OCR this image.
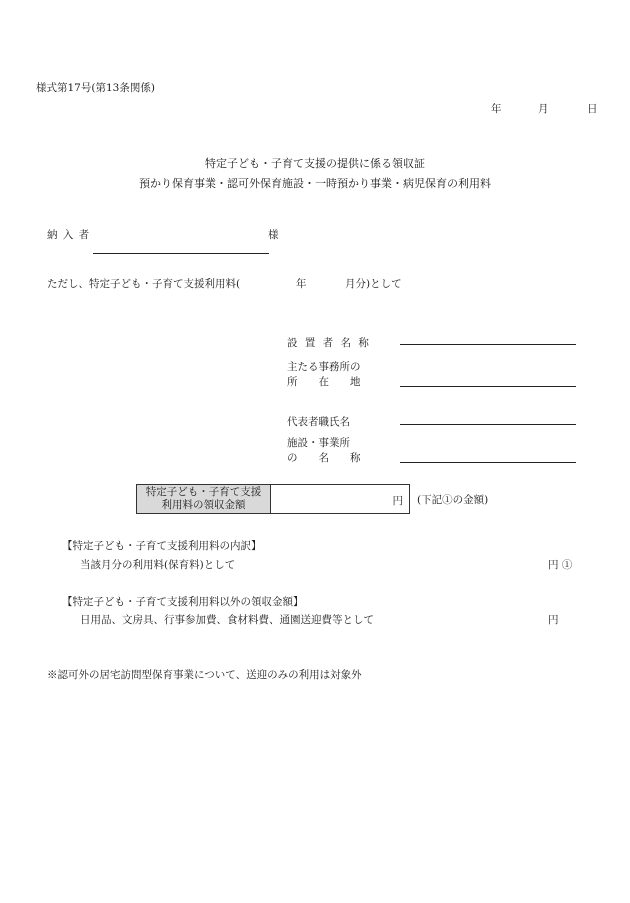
様式第17号(第13条関係)
年	月	日
特定子ども・子育て支援の提供に係る領収証
預かり保育事業・認可外保育施設・一時預かり事業・病児保育の利用料
納 入 者	様
ただし、特定子ども・子育て支援利用料(	年	月分)として
設 置 者 名 称
主たる事務所の
所　　在　　地
代表者職氏名
施設・事業所
の　　名　　称
特定子ども・子育て支援
利用料の領収金額	円 (下記①の金額)
【特定子ども・子育て支援利用料の内訳】
当該月分の利用料(保育料)として	円 ①
【特定子ども・子育て支援利用料以外の領収金額】
日用品、文房具、行事参加費、食材料費、通園送迎費等として	円
※認可外の居宅訪問型保育事業について、送迎のみの利用は対象外
